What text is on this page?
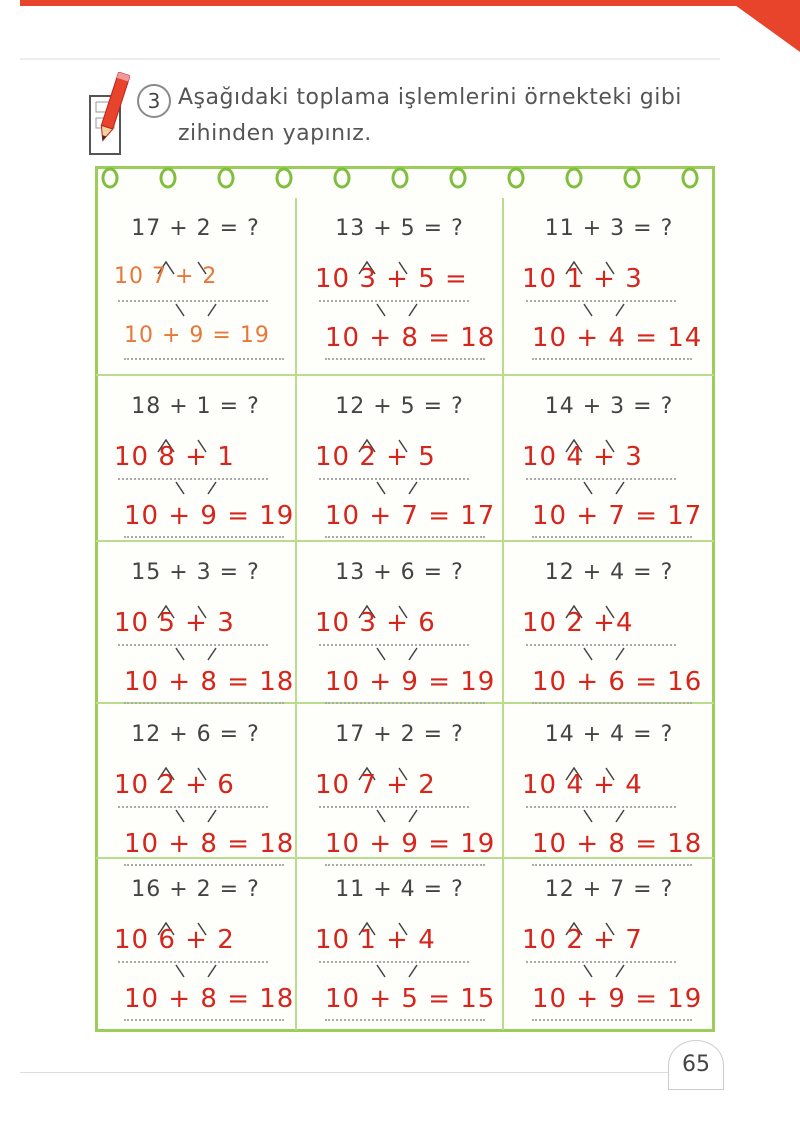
3 Aşağıdaki toplama işlemlerini örnekteki gibi
zihinden yapınız.
17 + 2 = ?
10 7 + 2
10 + 9 = 19
13 + 5 = ?
10 3 + 5 =
10 + 8 = 18
11 + 3 = ?
10 1 + 3
10 + 4 = 14
18 + 1 = ?
10 8 + 1
10 + 9 = 19
12 + 5 = ?
10 2 + 5
10 + 7 = 17
14 + 3 = ?
10 4 + 3
10 + 7 = 17
15 + 3 = ?
10 5 + 3
10 + 8 = 18
13 + 6 = ?
10 3 + 6
10 + 9 = 19
12 + 4 = ?
10 2 +4
10 + 6 = 16
12 + 6 = ?
10 2 + 6
10 + 8 = 18
17 + 2 = ?
10 7 + 2
10 + 9 = 19
14 + 4 = ?
10 4 + 4
10 + 8 = 18
16 + 2 = ?
10 6 + 2
10 + 8 = 18
11 + 4 = ?
10 1 + 4
10 + 5 = 15
12 + 7 = ?
10 2 + 7
10 + 9 = 19
65
